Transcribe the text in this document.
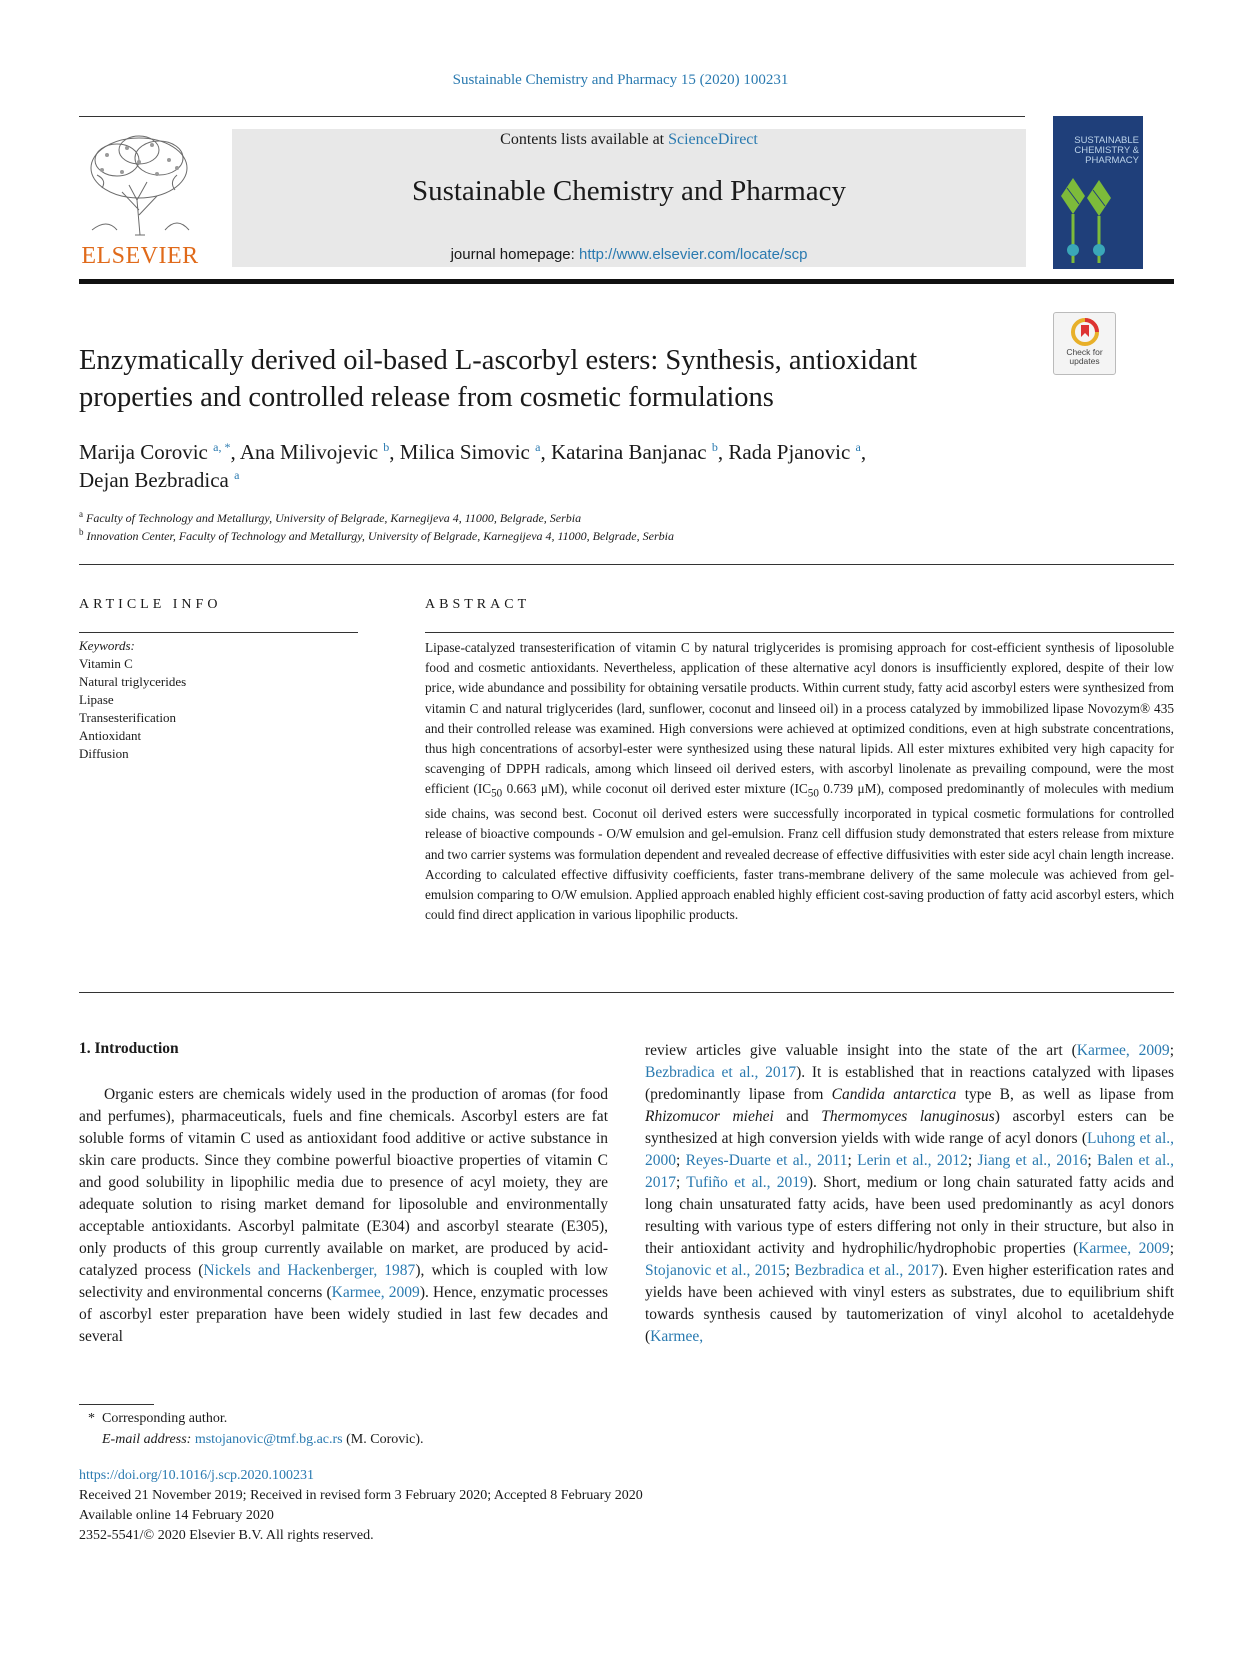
Sustainable Chemistry and Pharmacy 15 (2020) 100231
ELSEVIER
Contents lists available at ScienceDirect
Sustainable Chemistry and Pharmacy
journal homepage: http://www.elsevier.com/locate/scp
SUSTAINABLE
CHEMISTRY &
PHARMACY
Check for
updates
Enzymatically derived oil-based L-ascorbyl esters: Synthesis, antioxidant
properties and controlled release from cosmetic formulations
Marija Corovic $^{a, *}$, Ana Milivojevic $^b$, Milica Simovic $^a$, Katarina Banjanac $^b$, Rada Pjanovic $^a$,
Dejan Bezbradica $^a$
$^a$ Faculty of Technology and Metallurgy, University of Belgrade, Karnegijeva 4, 11000, Belgrade, Serbia
$^b$ Innovation Center, Faculty of Technology and Metallurgy, University of Belgrade, Karnegijeva 4, 11000, Belgrade, Serbia
ARTICLE INFO
Keywords:
Vitamin C
Natural triglycerides
Lipase
Transesterification
Antioxidant
Diffusion
ABSTRACT
Lipase-catalyzed transesterification of vitamin C by natural triglycerides is promising approach for cost-efficient synthesis of liposoluble food and cosmetic antioxidants. Nevertheless, application of these alternative acyl donors is insufficiently explored, despite of their low price, wide abundance and possibility for obtaining versatile products. Within current study, fatty acid ascorbyl esters were synthesized from vitamin C and natural triglycerides (lard, sunflower, coconut and linseed oil) in a process catalyzed by immobilized lipase Novozym® 435 and their controlled release was examined. High conversions were achieved at optimized conditions, even at high substrate concentrations, thus high concentrations of acsorbyl-ester were synthesized using these natural lipids. All ester mixtures exhibited very high capacity for scavenging of DPPH radicals, among which linseed oil derived esters, with ascorbyl linolenate as prevailing compound, were the most efficient ($IC_{50}$ 0.663 μM), while coconut oil derived ester mixture ($IC_{50}$ 0.739 μM), composed predominantly of molecules with medium side chains, was second best. Coconut oil derived esters were successfully incorporated in typical cosmetic formulations for controlled release of bioactive compounds - O/W emulsion and gel-emulsion. Franz cell diffusion study demonstrated that esters release from mixture and two carrier systems was formulation dependent and revealed decrease of effective diffusivities with ester side acyl chain length increase. According to calculated effective diffusivity coefficients, faster trans-membrane delivery of the same molecule was achieved from gel-emulsion comparing to O/W emulsion. Applied approach enabled highly efficient cost-saving production of fatty acid ascorbyl esters, which could find direct application in various lipophilic products.
1. Introduction

Organic esters are chemicals widely used in the production of aromas (for food and perfumes), pharmaceuticals, fuels and fine chemicals. Ascorbyl esters are fat soluble forms of vitamin C used as antioxidant food additive or active substance in skin care products. Since they combine powerful bioactive properties of vitamin C and good solubility in lipophilic media due to presence of acyl moiety, they are adequate solution to rising market demand for liposoluble and environmentally acceptable antioxidants. Ascorbyl palmitate (E304) and ascorbyl stearate (E305), only products of this group currently available on market, are produced by acid-catalyzed process (Nickels and Hackenberger, 1987), which is coupled with low selectivity and environmental concerns (Karmee, 2009). Hence, enzymatic processes of ascorbyl ester preparation have been widely studied in last few decades and several

review articles give valuable insight into the state of the art (Karmee, 2009; Bezbradica et al., 2017). It is established that in reactions catalyzed with lipases (predominantly lipase from Candida antarctica type B, as well as lipase from Rhizomucor miehei and Thermomyces lanuginosus) ascorbyl esters can be synthesized at high conversion yields with wide range of acyl donors (Luhong et al., 2000; Reyes-Duarte et al., 2011; Lerin et al., 2012; Jiang et al., 2016; Balen et al., 2017; Tufiño et al., 2019). Short, medium or long chain saturated fatty acids and long chain unsaturated fatty acids, have been used predominantly as acyl donors resulting with various type of esters differing not only in their structure, but also in their antioxidant activity and hydrophilic/hydrophobic properties (Karmee, 2009; Stojanovic et al., 2015; Bezbradica et al., 2017). Even higher esterification rates and yields have been achieved with vinyl esters as substrates, due to equilibrium shift towards synthesis caused by tautomerization of vinyl alcohol to acetaldehyde (Karmee,

* Corresponding author.
E-mail address: mstojanovic@tmf.bg.ac.rs (M. Corovic).
https://doi.org/10.1016/j.scp.2020.100231
Received 21 November 2019; Received in revised form 3 February 2020; Accepted 8 February 2020
Available online 14 February 2020
2352-5541/© 2020 Elsevier B.V. All rights reserved.
